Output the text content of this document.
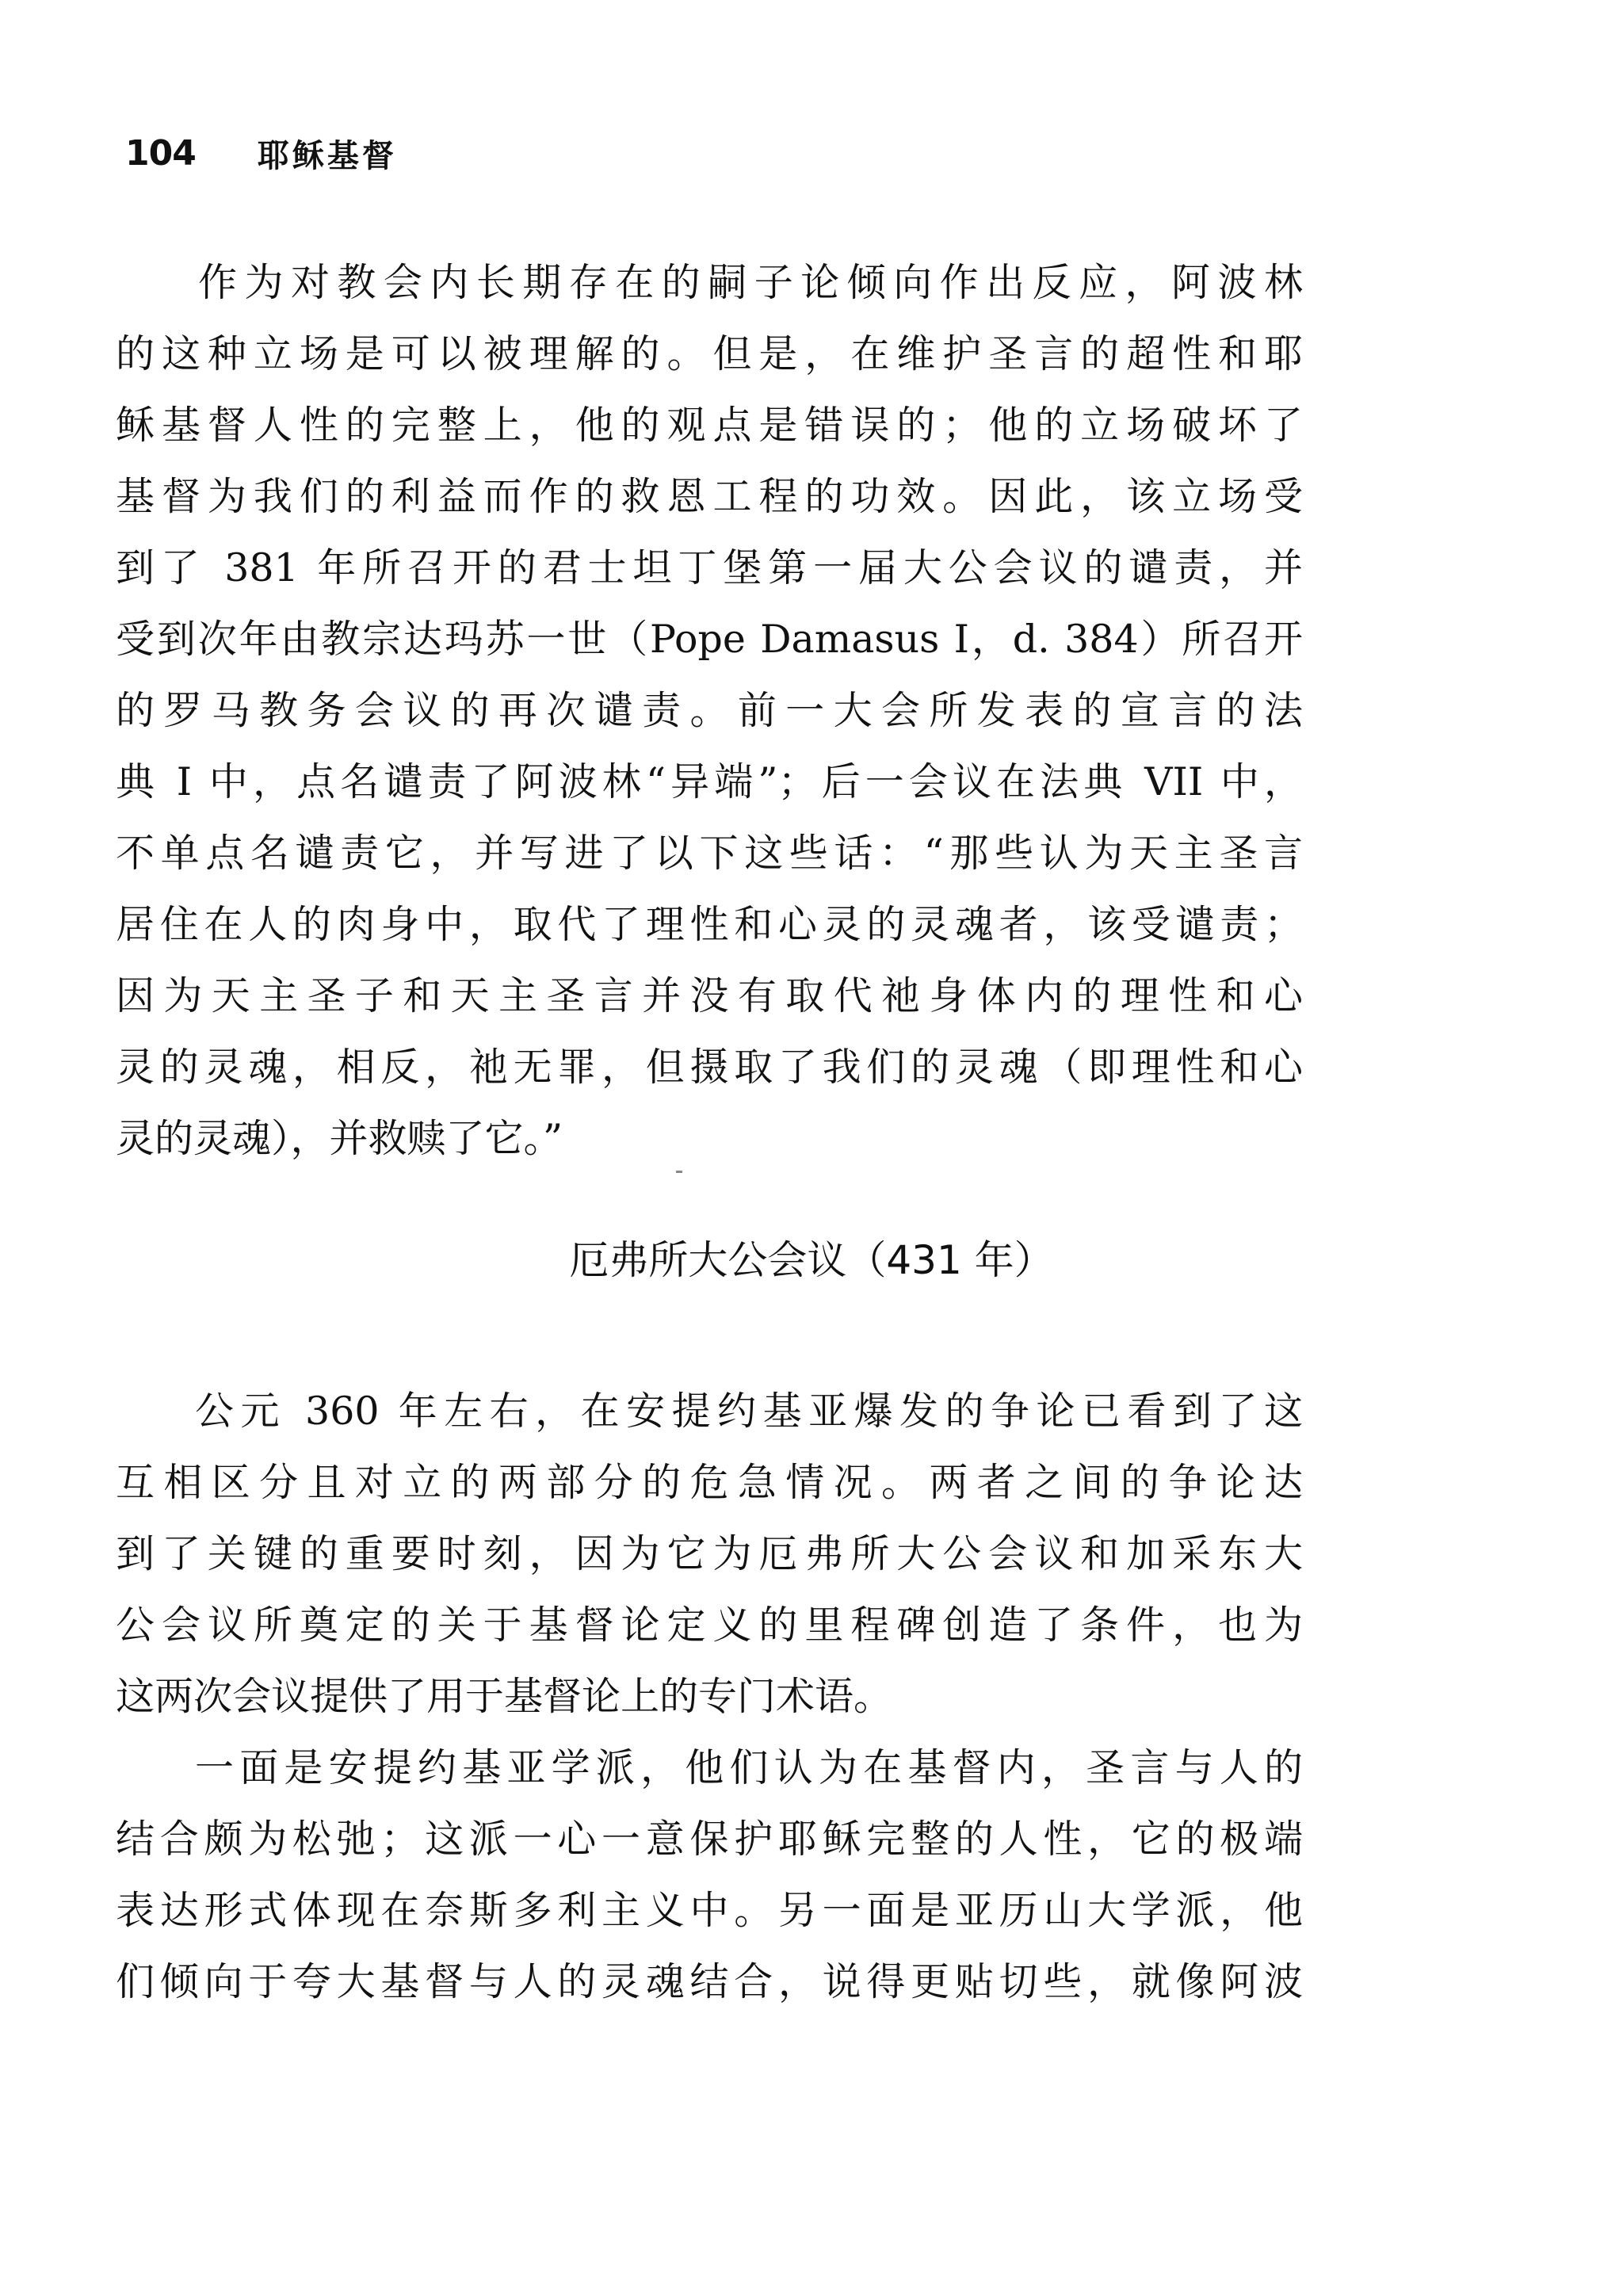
104 耶稣基督
作为对教会内长期存在的嗣子论倾向作出反应，阿波林
的这种立场是可以被理解的。但是，在维护圣言的超性和耶
稣基督人性的完整上，他的观点是错误的；他的立场破坏了
基督为我们的利益而作的救恩工程的功效。因此，该立场受
到了 381 年所召开的君士坦丁堡第一届大公会议的谴责，并
受到次年由教宗达玛苏一世（Pope Damasus I，d. 384）所召开
的罗马教务会议的再次谴责。前一大会所发表的宣言的法
典 I 中，点名谴责了阿波林“异端”；后一会议在法典 VII 中，
不单点名谴责它，并写进了以下这些话：“那些认为天主圣言
居住在人的肉身中，取代了理性和心灵的灵魂者，该受谴责；
因为天主圣子和天主圣言并没有取代祂身体内的理性和心
灵的灵魂，相反，祂无罪，但摄取了我们的灵魂（即理性和心
灵的灵魂），并救赎了它。”
厄弗所大公会议（431 年）
公元 360 年左右，在安提约基亚爆发的争论已看到了这
互相区分且对立的两部分的危急情况。两者之间的争论达
到了关键的重要时刻，因为它为厄弗所大公会议和加采东大
公会议所奠定的关于基督论定义的里程碑创造了条件，也为
这两次会议提供了用于基督论上的专门术语。
一面是安提约基亚学派，他们认为在基督内，圣言与人的
结合颇为松弛；这派一心一意保护耶稣完整的人性，它的极端
表达形式体现在奈斯多利主义中。另一面是亚历山大学派，他
们倾向于夸大基督与人的灵魂结合，说得更贴切些，就像阿波
